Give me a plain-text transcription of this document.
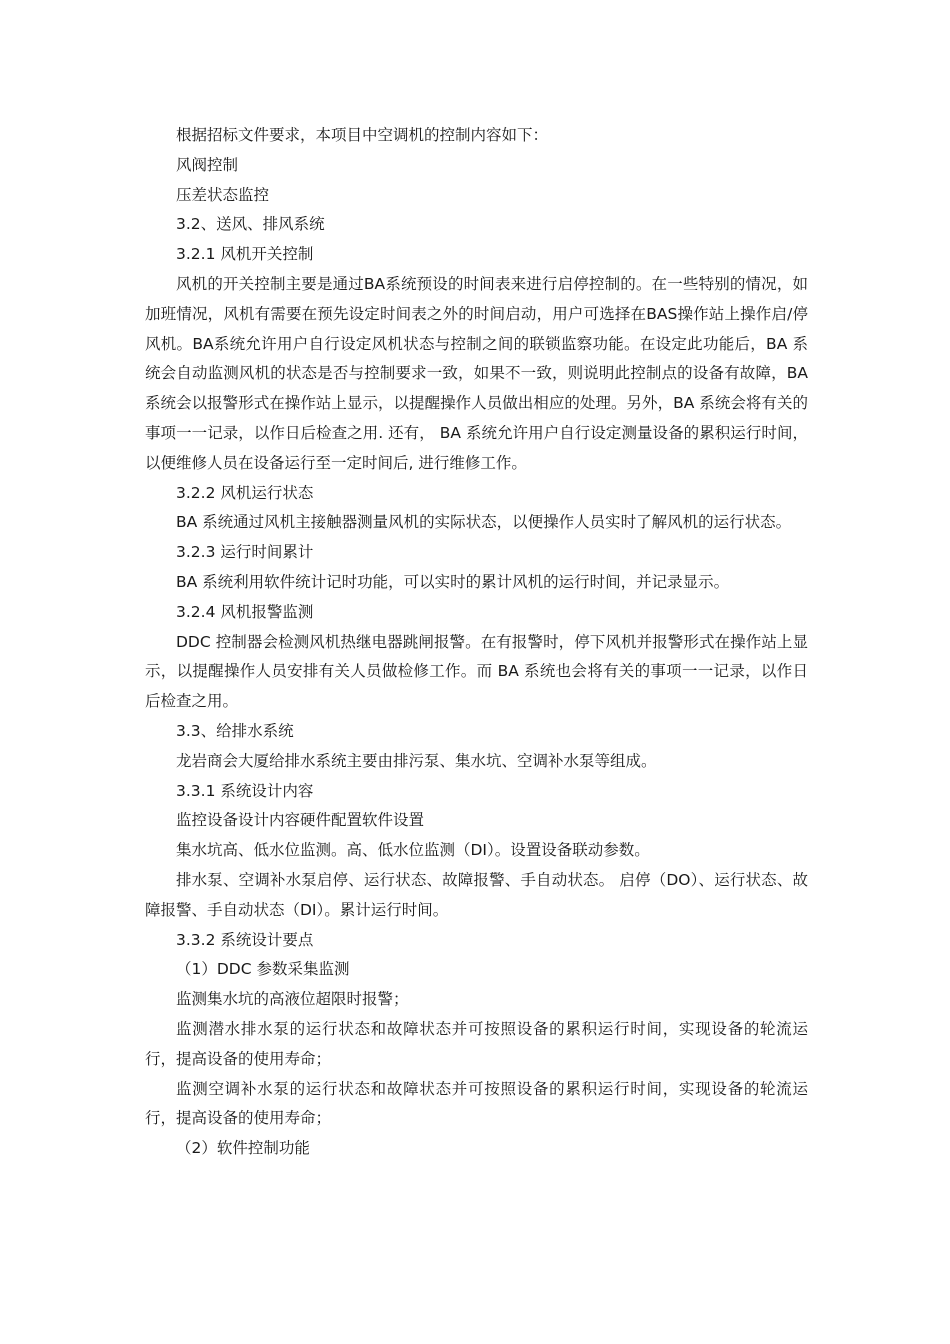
根据招标文件要求，本项目中空调机的控制内容如下：

风阀控制

压差状态监控

3.2、送风、排风系统

3.2.1 风机开关控制

风机的开关控制主要是通过BA系统预设的时间表来进行启停控制的。在一些特别的情况，如加班情况，风机有需要在预先设定时间表之外的时间启动，用户可选择在BAS操作站上操作启/停风机。BA系统允许用户自行设定风机状态与控制之间的联锁监察功能。在设定此功能后，BA 系统会自动监测风机的状态是否与控制要求一致，如果不一致，则说明此控制点的设备有故障，BA 系统会以报警形式在操作站上显示，以提醒操作人员做出相应的处理。另外，BA 系统会将有关的事项一一记录，以作日后检查之用. 还有， BA 系统允许用户自行设定测量设备的累积运行时间，以便维修人员在设备运行至一定时间后, 进行维修工作。

3.2.2 风机运行状态

BA 系统通过风机主接触器测量风机的实际状态，以便操作人员实时了解风机的运行状态。

3.2.3 运行时间累计

BA 系统利用软件统计记时功能，可以实时的累计风机的运行时间，并记录显示。

3.2.4 风机报警监测

DDC 控制器会检测风机热继电器跳闸报警。在有报警时，停下风机并报警形式在操作站上显示，以提醒操作人员安排有关人员做检修工作。而 BA 系统也会将有关的事项一一记录，以作日后检查之用。

3.3、给排水系统

龙岩商会大厦给排水系统主要由排污泵、集水坑、空调补水泵等组成。

3.3.1 系统设计内容

监控设备设计内容硬件配置软件设置

集水坑高、低水位监测。高、低水位监测（DI）。设置设备联动参数。

排水泵、空调补水泵启停、运行状态、故障报警、手自动状态。 启停（DO）、运行状态、故障报警、手自动状态（DI）。累计运行时间。

3.3.2 系统设计要点

（1）DDC 参数采集监测

监测集水坑的高液位超限时报警；

监测潜水排水泵的运行状态和故障状态并可按照设备的累积运行时间，实现设备的轮流运行，提高设备的使用寿命；

监测空调补水泵的运行状态和故障状态并可按照设备的累积运行时间，实现设备的轮流运行，提高设备的使用寿命；

（2）软件控制功能
